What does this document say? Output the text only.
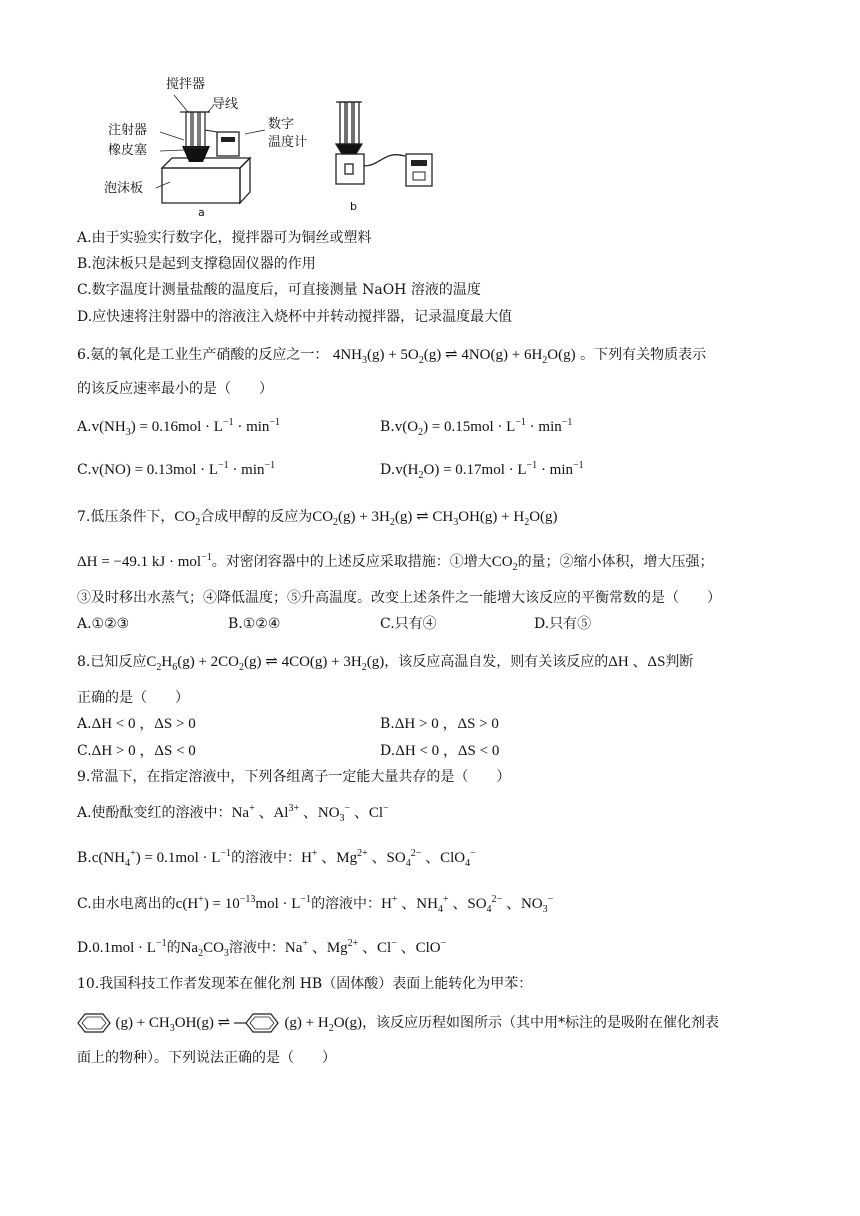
搅拌器
导线
注射器
橡皮塞
数字
温度计
泡沫板
a	b
A.由于实验实行数字化，搅拌器可为铜丝或塑料
B.泡沫板只是起到支撑稳固仪器的作用
C.数字温度计测量盐酸的温度后，可直接测量 NaOH 溶液的温度
D.应快速将注射器中的溶液注入烧杯中并转动搅拌器，记录温度最大值
6.氨的氧化是工业生产硝酸的反应之一： $4NH_3(g) + 5O_2(g)$ ⇌ $4NO(g) + 6H_2O(g)$ 。下列有关物质表示
的该反应速率最小的是（　　）
$A.v(NH_3) = 0.16mol \cdot L^{-1} \cdot \min^{-1}$	$B.v(O_2) = 0.15mol \cdot L^{-1} \cdot \min^{-1}$
$C.v(NO) = 0.13mol \cdot L^{-1} \cdot \min^{-1}$	$D.v(H_2O) = 0.17mol \cdot L^{-1} \cdot \min^{-1}$
7.低压条件下，$CO_2$合成甲醇的反应为$CO_2(g) + 3H_2(g)$ ⇌ $CH_3OH(g) + H_2O(g)$
ΔH = −49.1 kJ · mol$^{-1}$。对密闭容器中的上述反应采取措施：①增大$CO_2$的量；②缩小体积，增大压强；
③及时移出水蒸气；④降低温度；⑤升高温度。改变上述条件之一能增大该反应的平衡常数的是（　　）
A.①②③	B.①②④	C.只有④	D.只有⑤
8.已知反应$C_2H_6(g) + 2CO_2(g)$ ⇌ $4CO(g) + 3H_2(g)$，该反应高温自发，则有关该反应的ΔH 、ΔS判断
正确的是（　　）
A.ΔH < 0 ，ΔS > 0	B.ΔH > 0 ，ΔS > 0
C.ΔH > 0 ，ΔS < 0	D.ΔH < 0 ，ΔS < 0
9.常温下，在指定溶液中，下列各组离子一定能大量共存的是（　　）
A.使酚酞变红的溶液中：Na+ 、$Al^{3+}$ 、$NO_3^-$ 、Cl−
$B.c(NH_4^+) = 0.1mol \cdot L^{-1}$的溶液中：H+ 、$Mg^{2+}$ 、$SO_4^{2-}$ 、ClO$_4$−
C.由水电离出的$c(H^+) = 10^{-13}mol \cdot L^{-1}$的溶液中：H+ 、$NH_4^+$ 、$SO_4^{2-}$ 、$NO_3^-$
$D.0.1mol \cdot L^{-1}$的$Na_2CO_3$溶液中：Na+ 、$Mg^{2+}$ 、Cl− 、ClO−
10.我国科技工作者发现苯在催化剂 HB（固体酸）表面上能转化为甲苯：
$(g) + CH_3OH(g)$ ⇌	$(g) + H_2O(g)$，该反应历程如图所示（其中用*标注的是吸附在催化剂表
面上的物种）。下列说法正确的是（　　）
